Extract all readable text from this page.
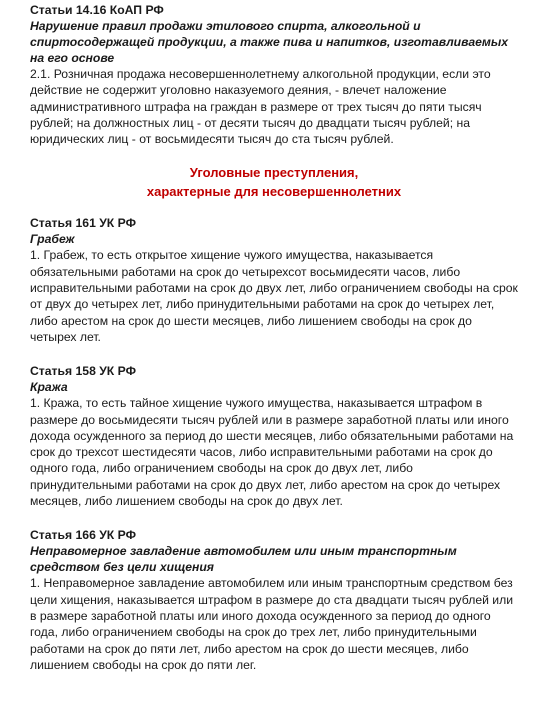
Статьи 14.16 КоАП РФ

Нарушение правил продажи этилового спирта, алкогольной и спиртосодержащей продукции, а также пива и напитков, изготавливаемых на его основе

2.1. Розничная продажа несовершеннолетнему алкогольной продукции, если это действие не содержит уголовно наказуемого деяния, - влечет наложение административного штрафа на граждан в размере от трех тысяч до пяти тысяч рублей; на должностных лиц - от десяти тысяч до двадцати тысяч рублей; на юридических лиц - от восьмидесяти тысяч до ста тысяч рублей.

Уголовные преступления,
характерные для несовершеннолетних

Статья 161 УК РФ

Грабеж

1. Грабеж, то есть открытое хищение чужого имущества, наказывается обязательными работами на срок до четырехсот восьмидесяти часов, либо исправительными работами на срок до двух лет, либо ограничением свободы на срок от двух до четырех лет, либо принудительными работами на срок до четырех лет, либо арестом на срок до шести месяцев, либо лишением свободы на срок до четырех лет.

Статья 158 УК РФ

Кража

1. Кража, то есть тайное хищение чужого имущества, наказывается штрафом в размере до восьмидесяти тысяч рублей или в размере заработной платы или иного дохода осужденного за период до шести месяцев, либо обязательными работами на срок до трехсот шестидесяти часов, либо исправительными работами на срок до одного года, либо ограничением свободы на срок до двух лет, либо принудительными работами на срок до двух лет, либо арестом на срок до четырех месяцев, либо лишением свободы на срок до двух лет.

Статья 166 УК РФ

Неправомерное завладение автомобилем или иным транспортным средством без цели хищения

1. Неправомерное завладение автомобилем или иным транспортным средством без цели хищения, наказывается штрафом в размере до ста двадцати тысяч рублей или в размере заработной платы или иного дохода осужденного за период до одного года, либо ограничением свободы на срок до трех лет, либо принудительными работами на срок до пяти лет, либо арестом на срок до шести месяцев, либо лишением свободы на срок до пяти лег.
